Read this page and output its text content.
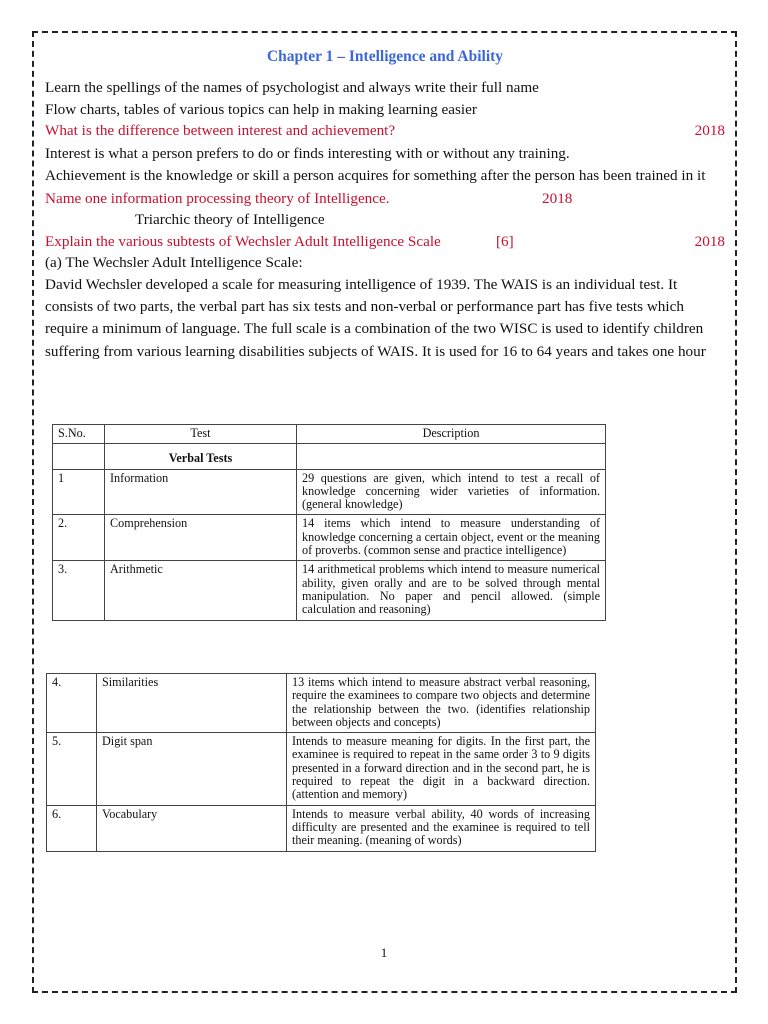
Chapter 1 – Intelligence and Ability

Learn the spellings of the names of psychologist and always write their full name

Flow charts, tables of various topics can help in making learning easier

What is the difference between interest and achievement?	2018

Interest is what a person prefers to do or finds interesting with or without any training.

Achievement is the knowledge or skill a person acquires for something after the person has been trained in it

Name one information processing theory of Intelligence.	2018

Triarchic theory of Intelligence

Explain the various subtests of Wechsler Adult Intelligence Scale	[6]	2018

(a) The Wechsler Adult Intelligence Scale:

David Wechsler developed a scale for measuring intelligence of 1939. The WAIS is an individual test. It consists of two parts, the verbal part has six tests and non-verbal or performance part has five tests which require a minimum of language. The full scale is a combination of the two WISC is used to identify children suffering from various learning disabilities subjects of WAIS. It is used for 16 to 64 years and takes one hour

S.No.	Test	Description
	Verbal Tests	
1	Information	29 questions are given, which intend to test a recall of knowledge concerning wider varieties of information. (general knowledge)
2.	Comprehension	14 items which intend to measure understanding of knowledge concerning a certain object, event or the meaning of proverbs. (common sense and practice intelligence)
3.	Arithmetic	14 arithmetical problems which intend to measure numerical ability, given orally and are to be solved through mental manipulation. No paper and pencil allowed. (simple calculation and reasoning)
4.	Similarities	13 items which intend to measure abstract verbal reasoning, require the examinees to compare two objects and determine the relationship between the two. (identifies relationship between objects and concepts)
5.	Digit span	Intends to measure meaning for digits. In the first part, the examinee is required to repeat in the same order 3 to 9 digits presented in a forward direction and in the second part, he is required to repeat the digit in a backward direction. (attention and memory)
6.	Vocabulary	Intends to measure verbal ability, 40 words of increasing difficulty are presented and the examinee is required to tell their meaning. (meaning of words)
1
